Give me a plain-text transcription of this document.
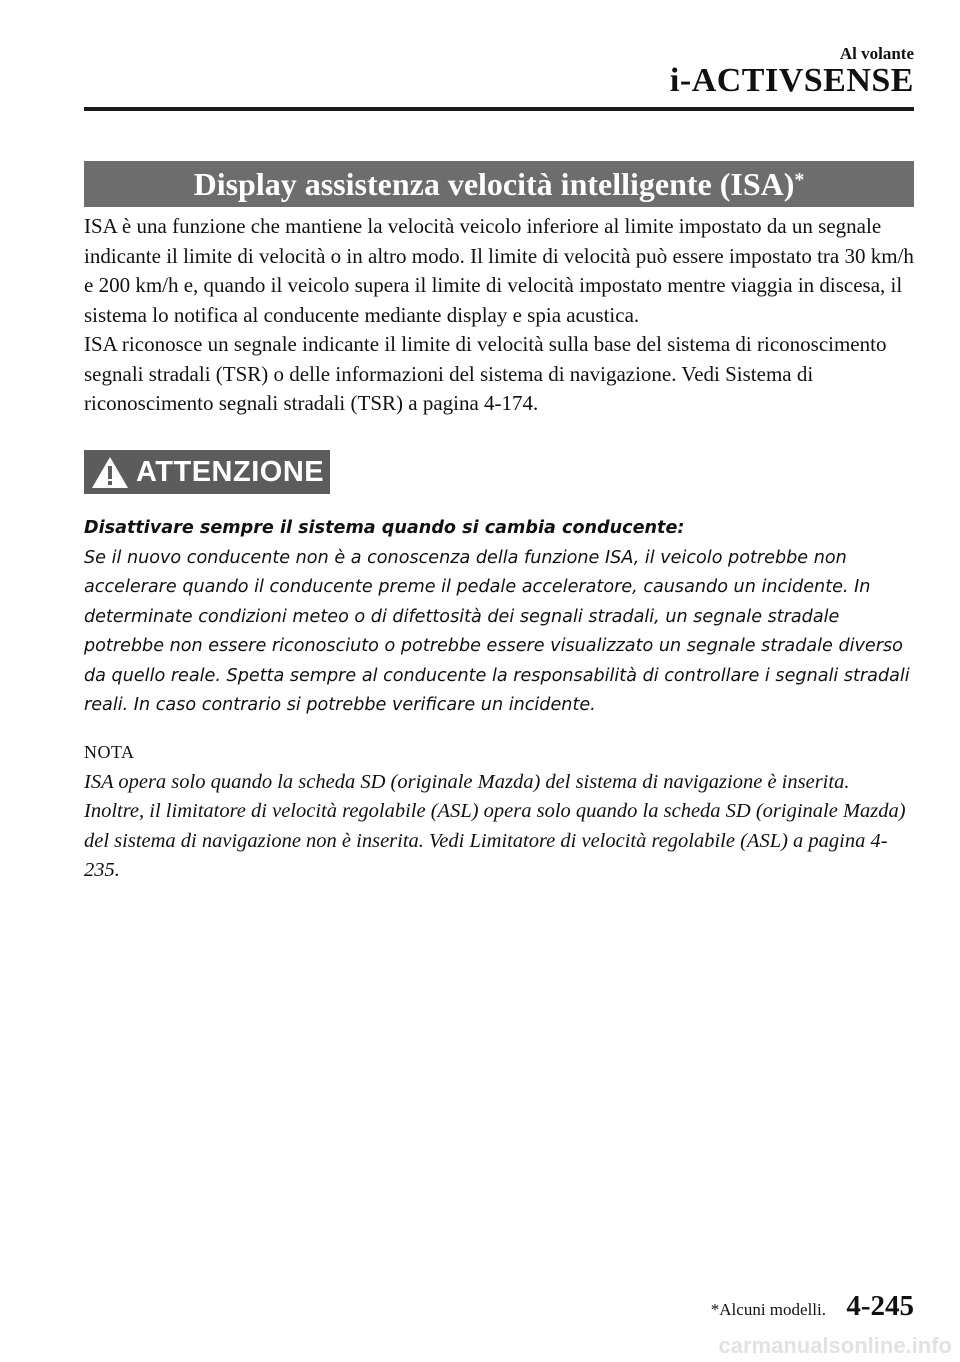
Al volante
i-ACTIVSENSE
Display assistenza velocità intelligente (ISA)*

ISA è una funzione che mantiene la velocità veicolo inferiore al limite impostato da un segnale indicante il limite di velocità o in altro modo. Il limite di velocità può essere impostato tra 30 km/h e 200 km/h e, quando il veicolo supera il limite di velocità impostato mentre viaggia in discesa, il sistema lo notifica al conducente mediante display e spia acustica.

ISA riconosce un segnale indicante il limite di velocità sulla base del sistema di riconoscimento segnali stradali (TSR) o delle informazioni del sistema di navigazione. Vedi Sistema di riconoscimento segnali stradali (TSR) a pagina 4-174.

ATTENZIONE

Disattivare sempre il sistema quando si cambia conducente:

Se il nuovo conducente non è a conoscenza della funzione ISA, il veicolo potrebbe non accelerare quando il conducente preme il pedale acceleratore, causando un incidente. In determinate condizioni meteo o di difettosità dei segnali stradali, un segnale stradale potrebbe non essere riconosciuto o potrebbe essere visualizzato un segnale stradale diverso da quello reale. Spetta sempre al conducente la responsabilità di controllare i segnali stradali reali. In caso contrario si potrebbe verificare un incidente.

NOTA

ISA opera solo quando la scheda SD (originale Mazda) del sistema di navigazione è inserita. Inoltre, il limitatore di velocità regolabile (ASL) opera solo quando la scheda SD (originale Mazda) del sistema di navigazione non è inserita. Vedi Limitatore di velocità regolabile (ASL) a pagina 4-235.

*Alcuni modelli. 4-245
carmanualsonline.info
